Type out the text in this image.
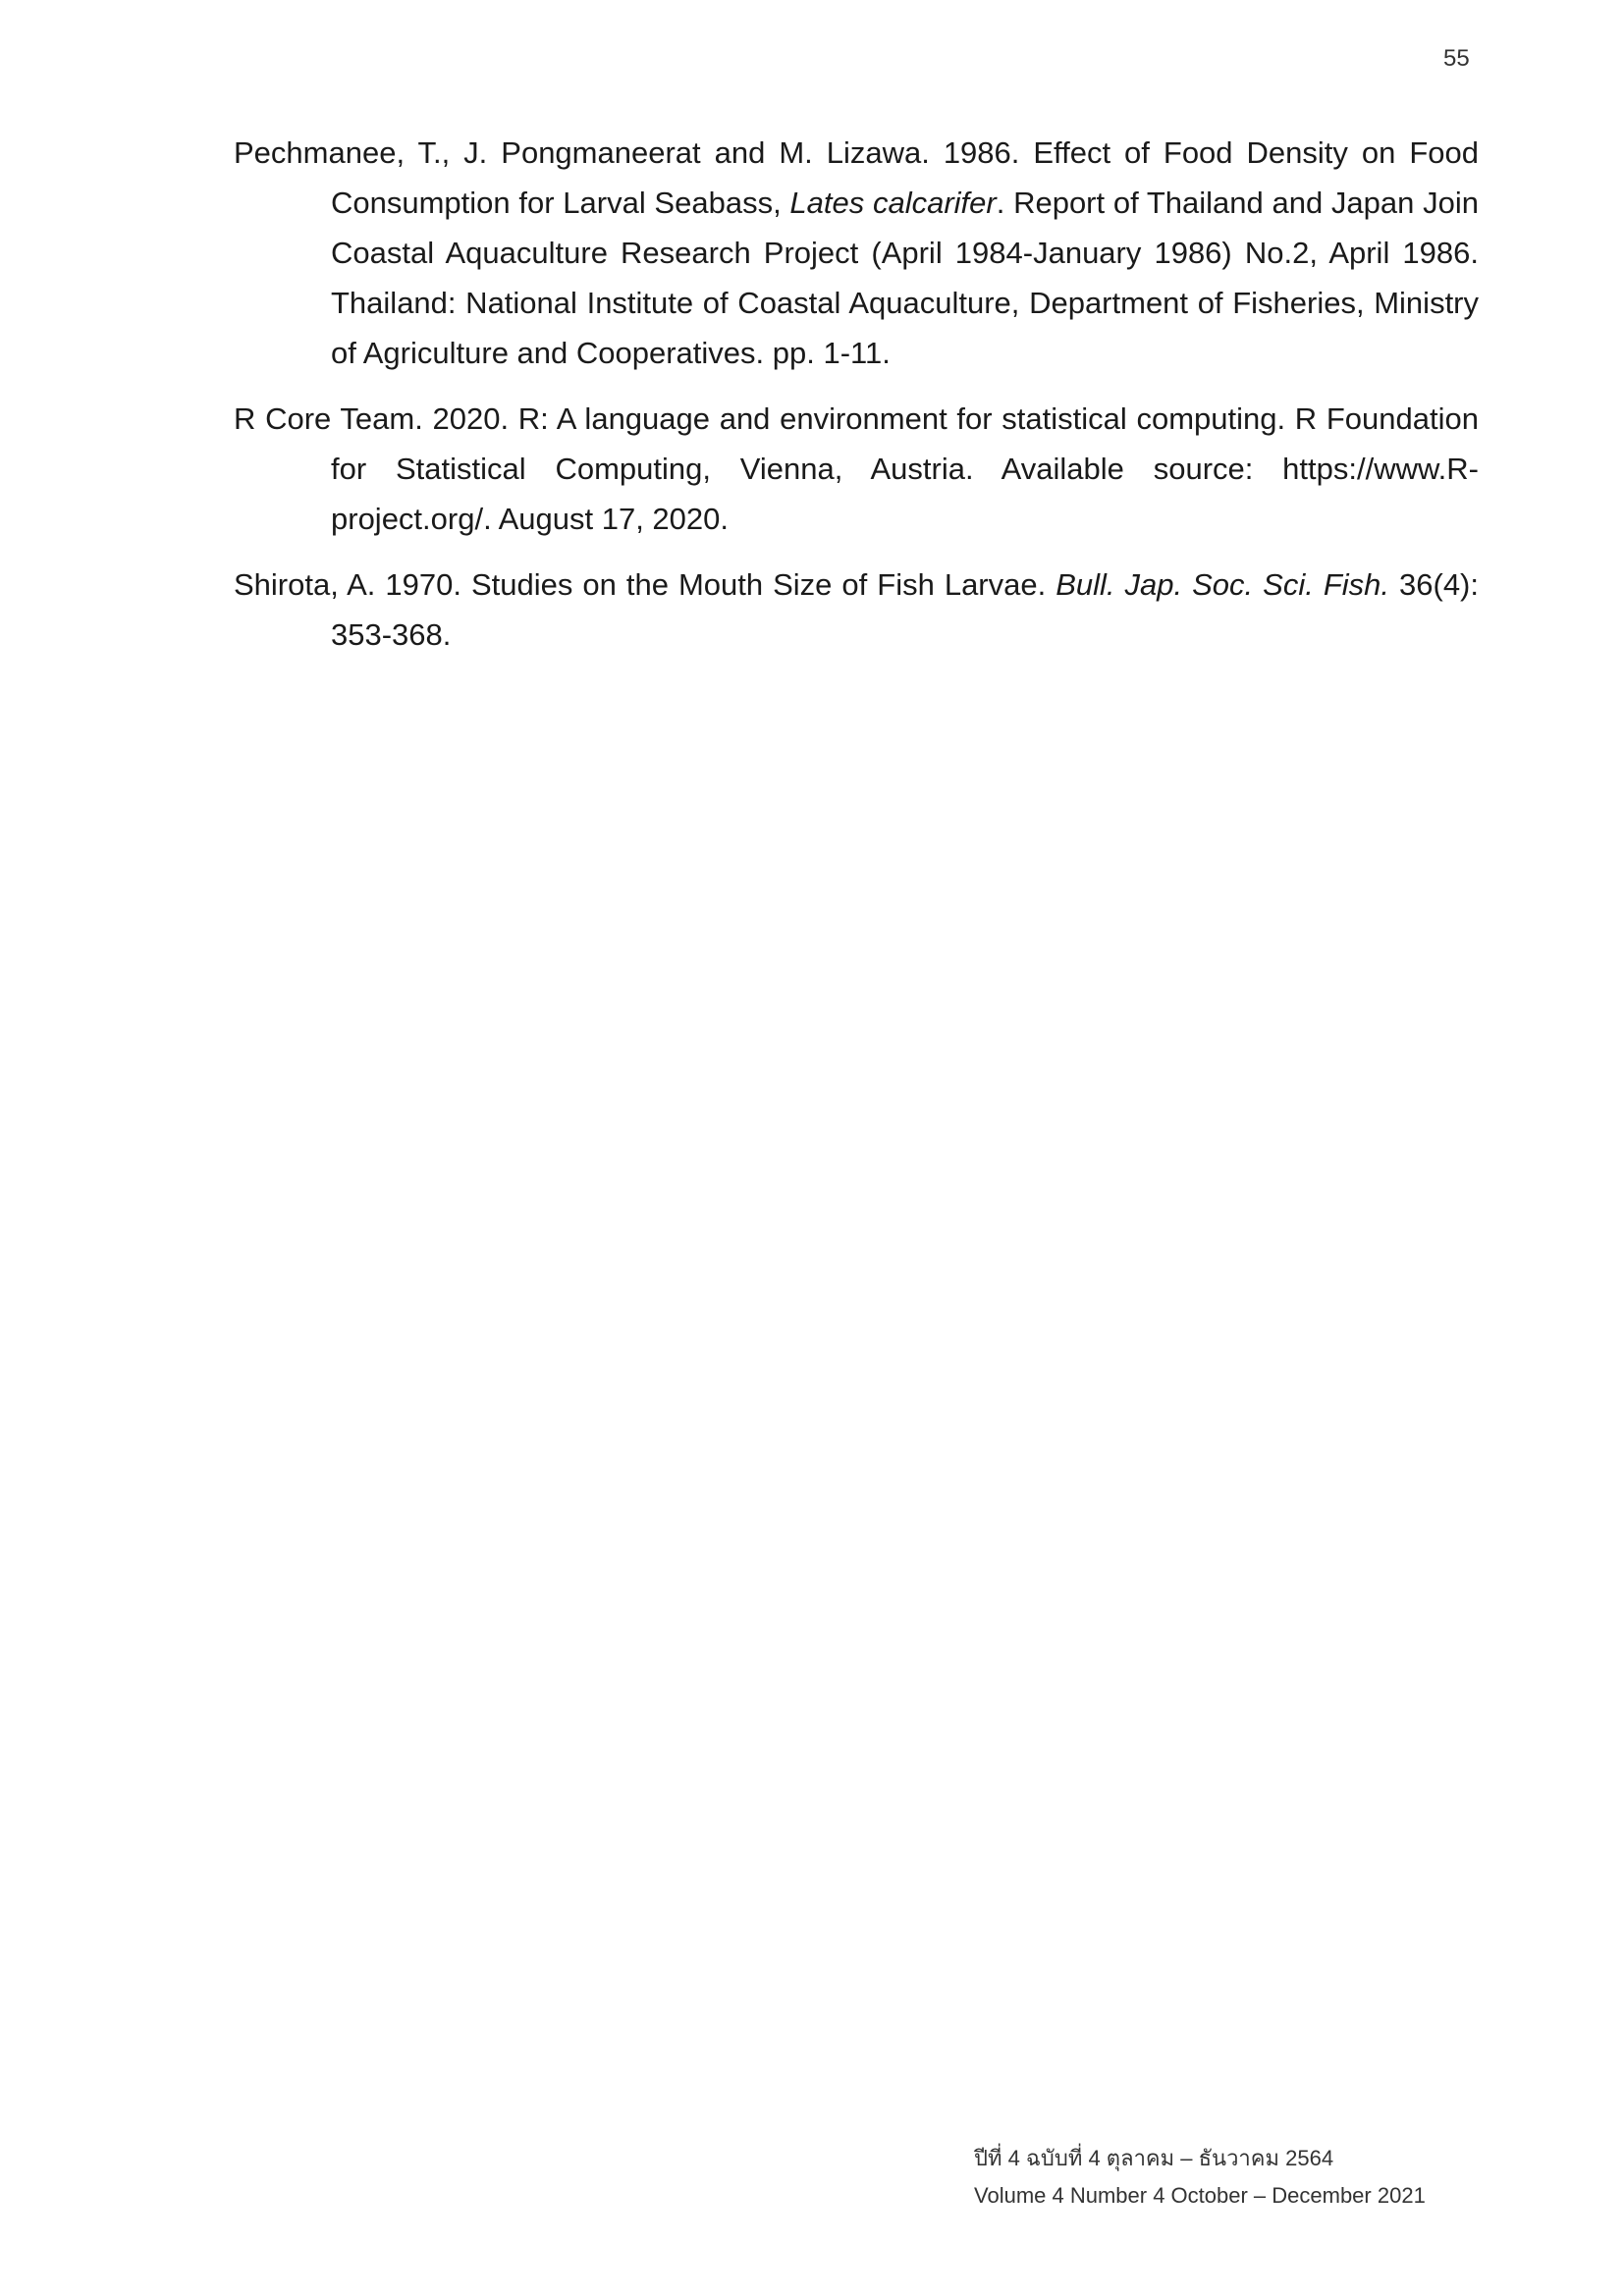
55

Pechmanee, T., J. Pongmaneerat and M. Lizawa. 1986. Effect of Food Density on Food Consumption for Larval Seabass, Lates calcarifer. Report of Thailand and Japan Join Coastal Aquaculture Research Project (April 1984-January 1986) No.2, April 1986. Thailand: National Institute of Coastal Aquaculture, Department of Fisheries, Ministry of Agriculture and Cooperatives. pp. 1-11.

R Core Team. 2020. R: A language and environment for statistical computing. R Foundation for Statistical Computing, Vienna, Austria. Available source: https://www.R-project.org/. August 17, 2020.

Shirota, A. 1970. Studies on the Mouth Size of Fish Larvae. Bull. Jap. Soc. Sci. Fish. 36(4): 353-368.

ปีที่ 4 ฉบับที่ 4 ตุลาคม – ธันวาคม 2564
Volume 4 Number 4 October – December 2021
